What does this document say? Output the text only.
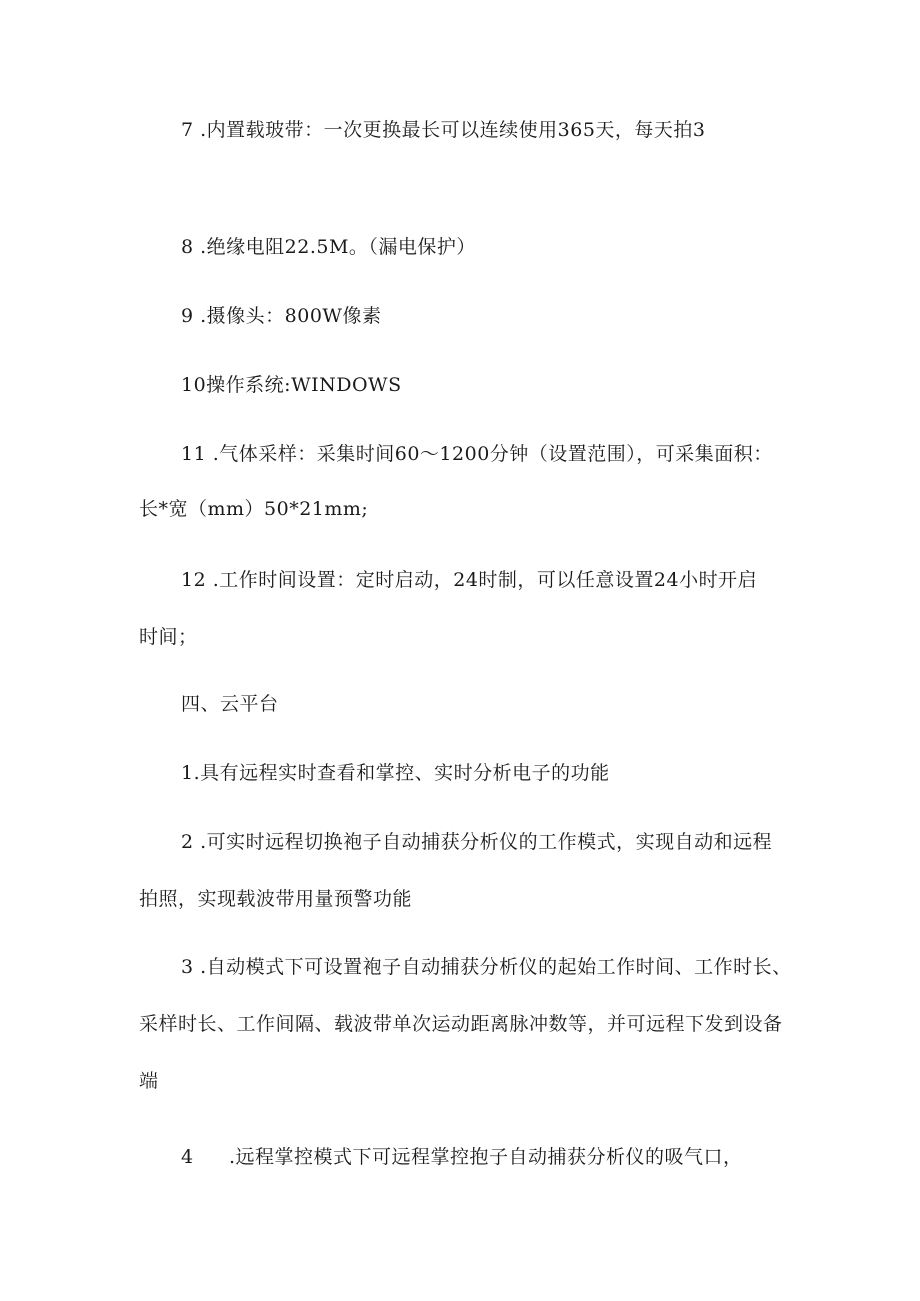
7 .内置载玻带：一次更换最长可以连续使用365天，每天拍3
8 .绝缘电阻22.5M。（漏电保护）
9 .摄像头：800W像素
10操作系统:WINDOWS
11 .气体采样：采集时间60～1200分钟（设置范围），可采集面积：
长*宽（mm）50*21mm;
12 .工作时间设置：定时启动，24时制，可以任意设置24小时开启
时间；
四、云平台
1.具有远程实时查看和掌控、实时分析电子的功能
2 .可实时远程切换袍子自动捕获分析仪的工作模式，实现自动和远程
拍照，实现载波带用量预警功能
3 .自动模式下可设置袍子自动捕获分析仪的起始工作时间、工作时长、
采样时长、工作间隔、载波带单次运动距离脉冲数等，并可远程下发到设备
端
4 .远程掌控模式下可远程掌控抱子自动捕获分析仪的吸气口，
